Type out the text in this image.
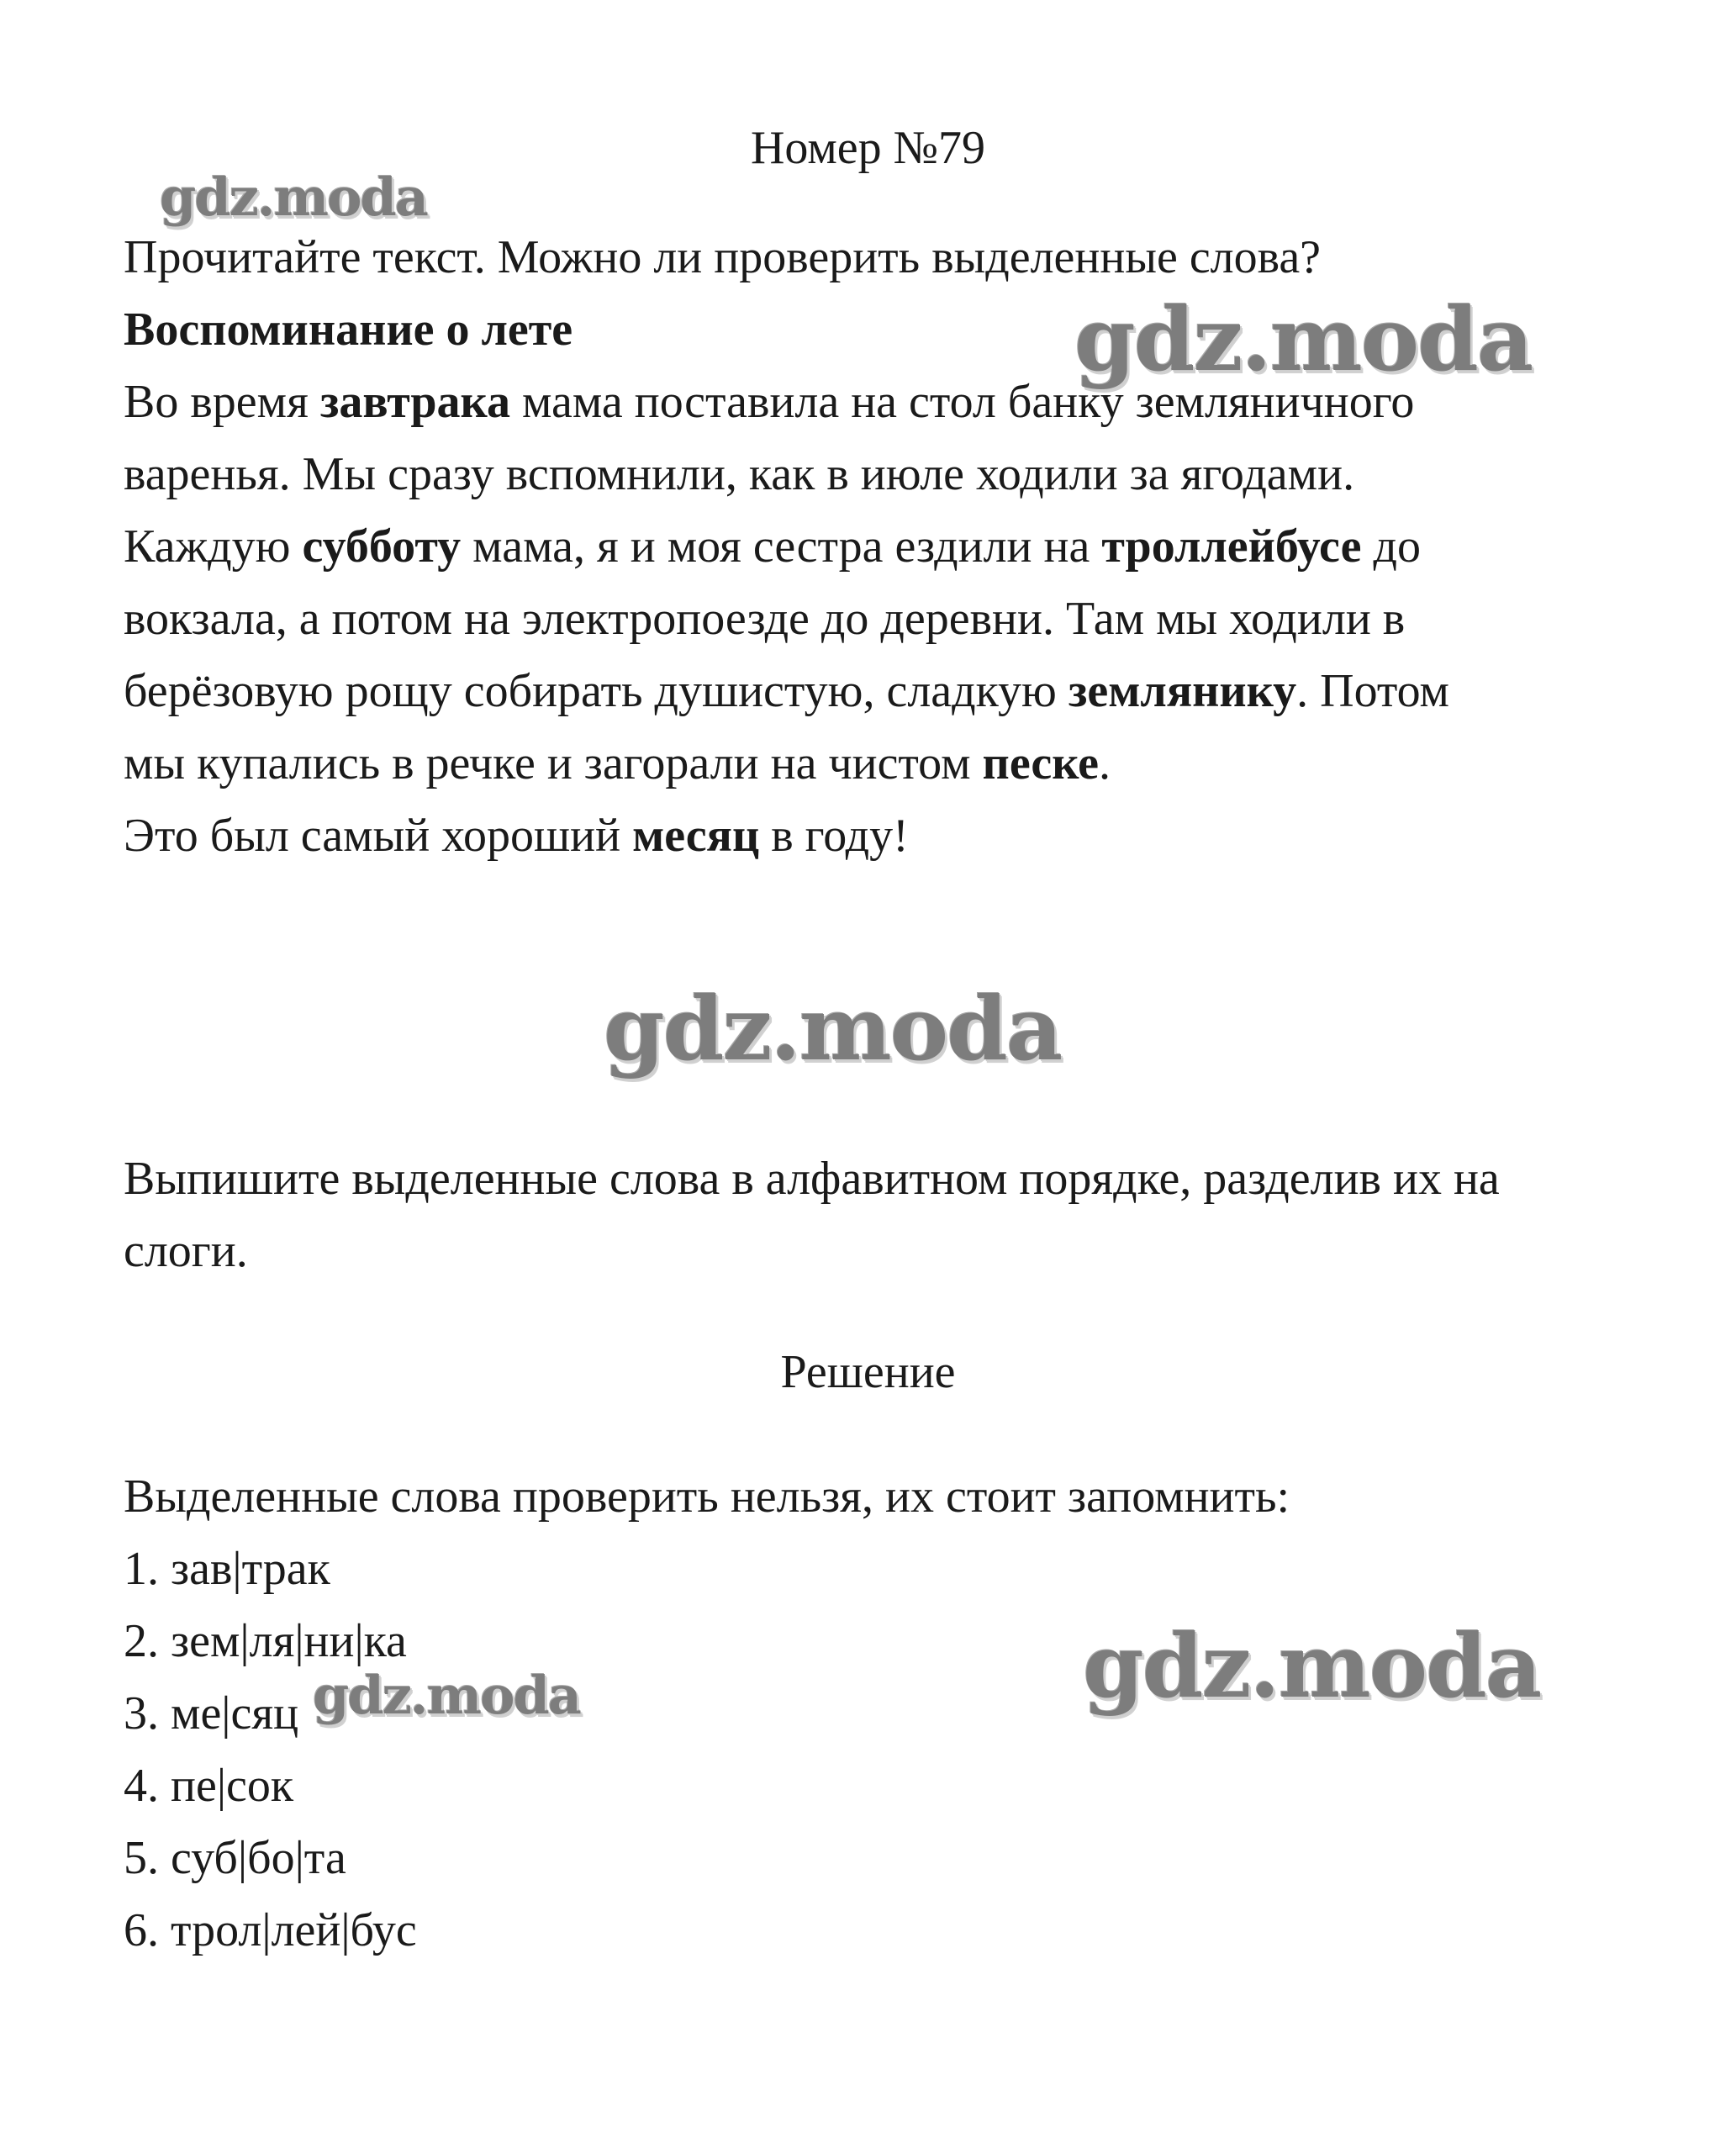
Номер №79
Прочитайте текст. Можно ли проверить выделенные слова?
Воспоминание о лете
Во время завтрака мама поставила на стол банку земляничного
варенья. Мы сразу вспомнили, как в июле ходили за ягодами.
Каждую субботу мама, я и моя сестра ездили на троллейбусе до
вокзала, а потом на электропоезде до деревни. Там мы ходили в
берёзовую рощу собирать душистую, сладкую землянику. Потом
мы купались в речке и загорали на чистом песке.
Это был самый хороший месяц в году!
Выпишите выделенные слова в алфавитном порядке, разделив их на
слоги.
Решение
Выделенные слова проверить нельзя, их стоит запомнить:
1. зав|трак
2. зем|ля|ни|ка
3. ме|сяц
4. пе|сок
5. суб|бо|та
6. трол|лей|бус
gdz.moda
gdz.moda
gdz.moda
gdz.moda	gdz.moda
